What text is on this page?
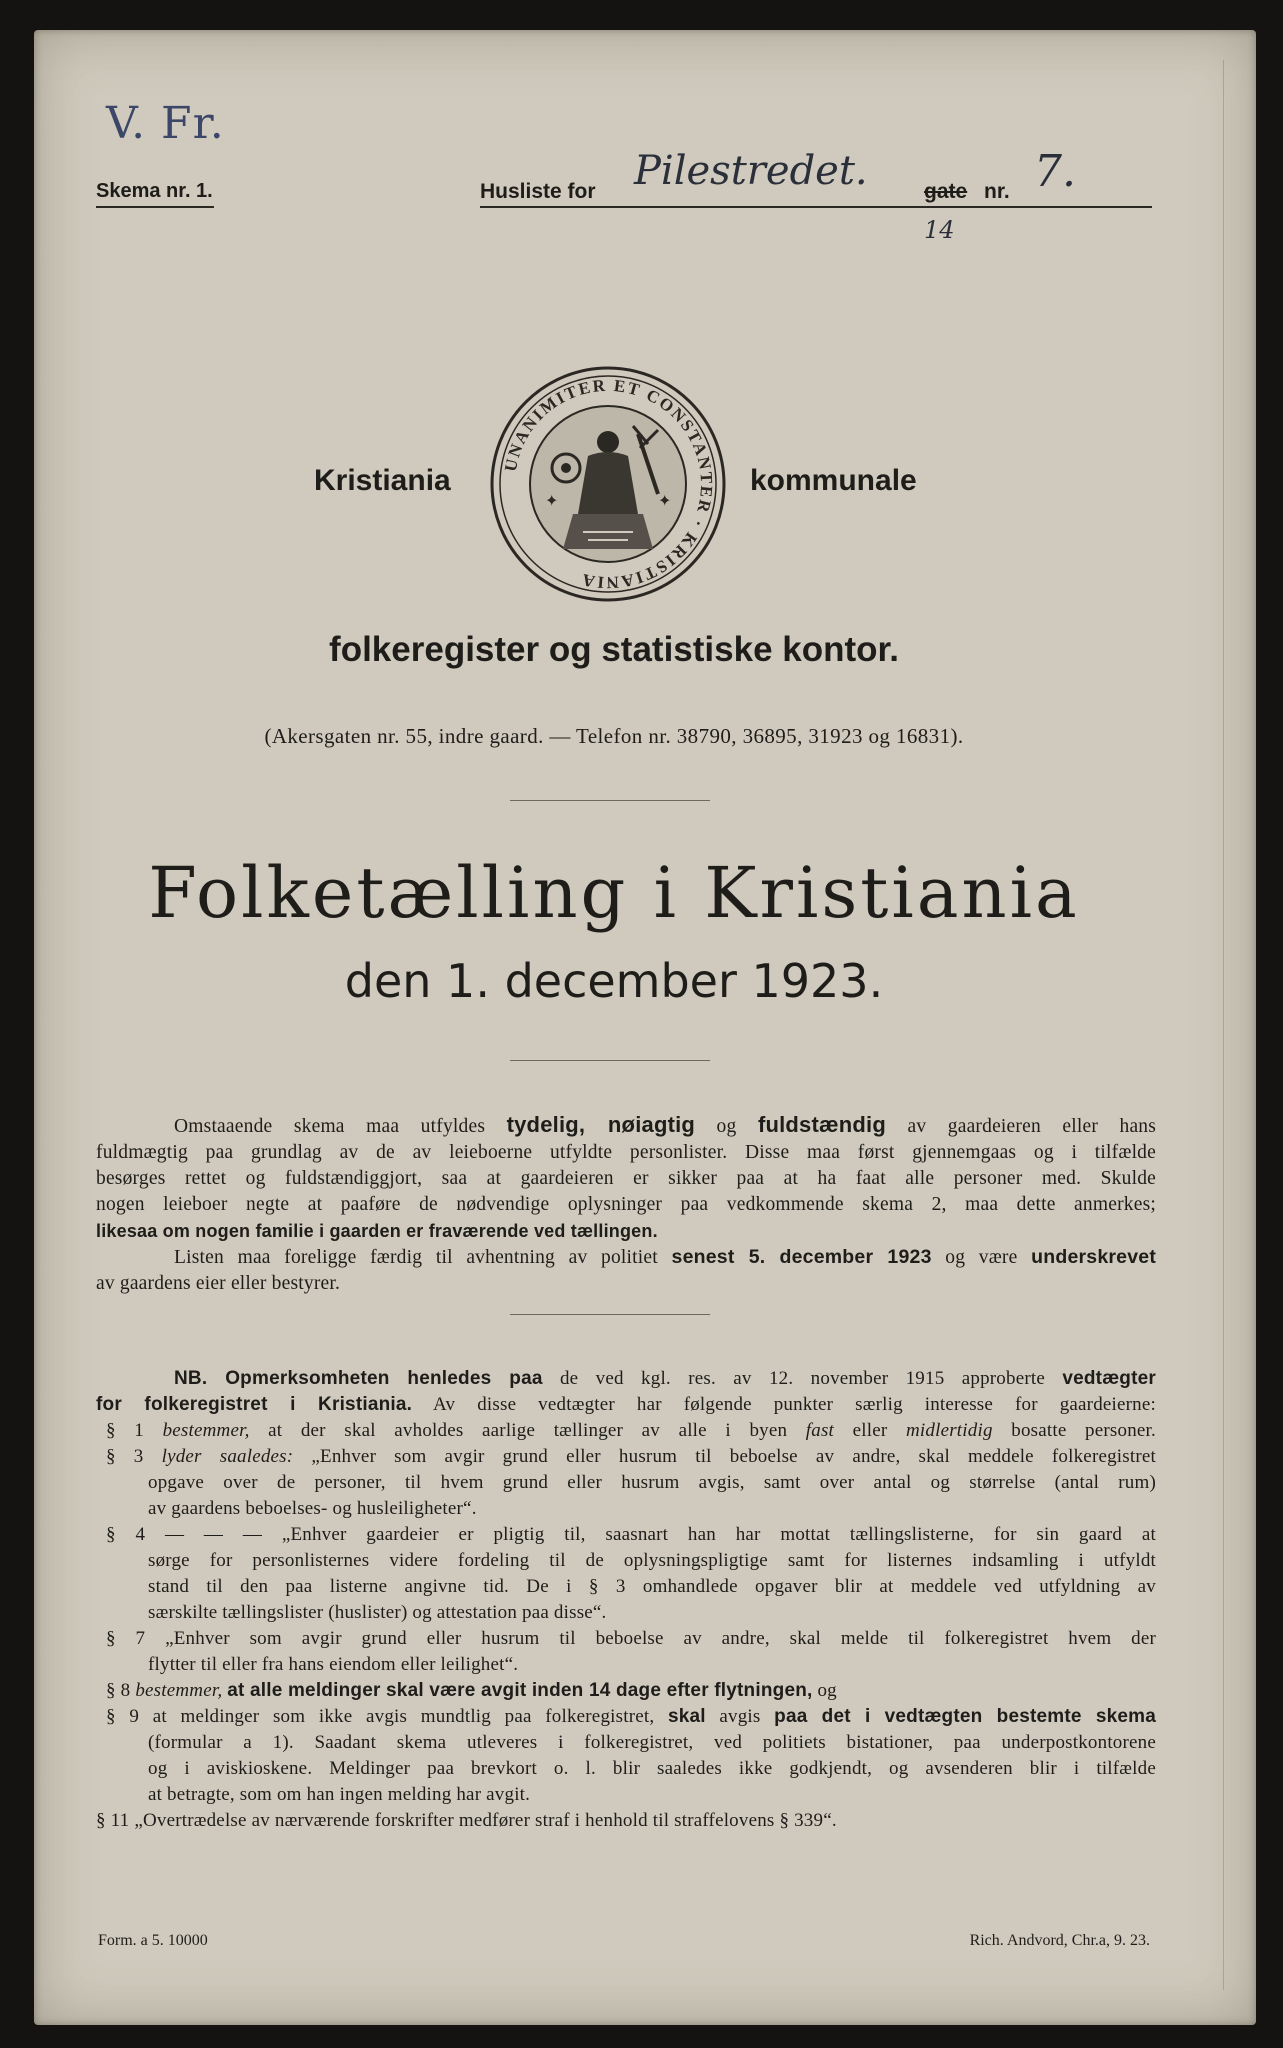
V. Fr.
Skema nr. 1.	Husliste for Pilestredet.	gate nr. 7.
14
UNANIMITER ET CONSTANTER · KRISTIANIA
✦	✦
Kristiania	kommunale
folkeregister og statistiske kontor.
(Akersgaten nr. 55, indre gaard. — Telefon nr. 38790, 36895, 31923 og 16831).
Folketælling i Kristiania
den 1. december 1923.
Omstaaende skema maa utfyldes tydelig, nøiagtig og fuldstændig av gaardeieren eller hans
fuldmægtig paa grundlag av de av leieboerne utfyldte personlister. Disse maa først gjennemgaas og i tilfælde
besørges rettet og fuldstændiggjort, saa at gaardeieren er sikker paa at ha faat alle personer med. Skulde
nogen leieboer negte at paaføre de nødvendige oplysninger paa vedkommende skema 2, maa dette anmerkes;
likesaa om nogen familie i gaarden er fraværende ved tællingen.
Listen maa foreligge færdig til avhentning av politiet senest 5. december 1923 og være underskrevet
av gaardens eier eller bestyrer.
NB. Opmerksomheten henledes paa de ved kgl. res. av 12. november 1915 approberte vedtægter
for folkeregistret i Kristiania. Av disse vedtægter har følgende punkter særlig interesse for gaardeierne:
§ 1 bestemmer, at der skal avholdes aarlige tællinger av alle i byen fast eller midlertidig bosatte personer.
§ 3 lyder saaledes: „Enhver som avgir grund eller husrum til beboelse av andre, skal meddele folkeregistret
opgave over de personer, til hvem grund eller husrum avgis, samt over antal og størrelse (antal rum)
av gaardens beboelses- og husleiligheter“.
§ 4 — — — „Enhver gaardeier er pligtig til, saasnart han har mottat tællingslisterne, for sin gaard at
sørge for personlisternes videre fordeling til de oplysningspligtige samt for listernes indsamling i utfyldt
stand til den paa listerne angivne tid. De i § 3 omhandlede opgaver blir at meddele ved utfyldning av
særskilte tællingslister (huslister) og attestation paa disse“.
§ 7 „Enhver som avgir grund eller husrum til beboelse av andre, skal melde til folkeregistret hvem der
flytter til eller fra hans eiendom eller leilighet“.
§ 8 bestemmer, at alle meldinger skal være avgit inden 14 dage efter flytningen, og
§ 9 at meldinger som ikke avgis mundtlig paa folkeregistret, skal avgis paa det i vedtægten bestemte skema
(formular a 1). Saadant skema utleveres i folkeregistret, ved politiets bistationer, paa underpostkontorene
og i aviskioskene. Meldinger paa brevkort o. l. blir saaledes ikke godkjendt, og avsenderen blir i tilfælde
at betragte, som om han ingen melding har avgit.
§ 11 „Overtrædelse av nærværende forskrifter medfører straf i henhold til straffelovens § 339“.
Form. a 5. 10000	Rich. Andvord, Chr.a, 9. 23.
